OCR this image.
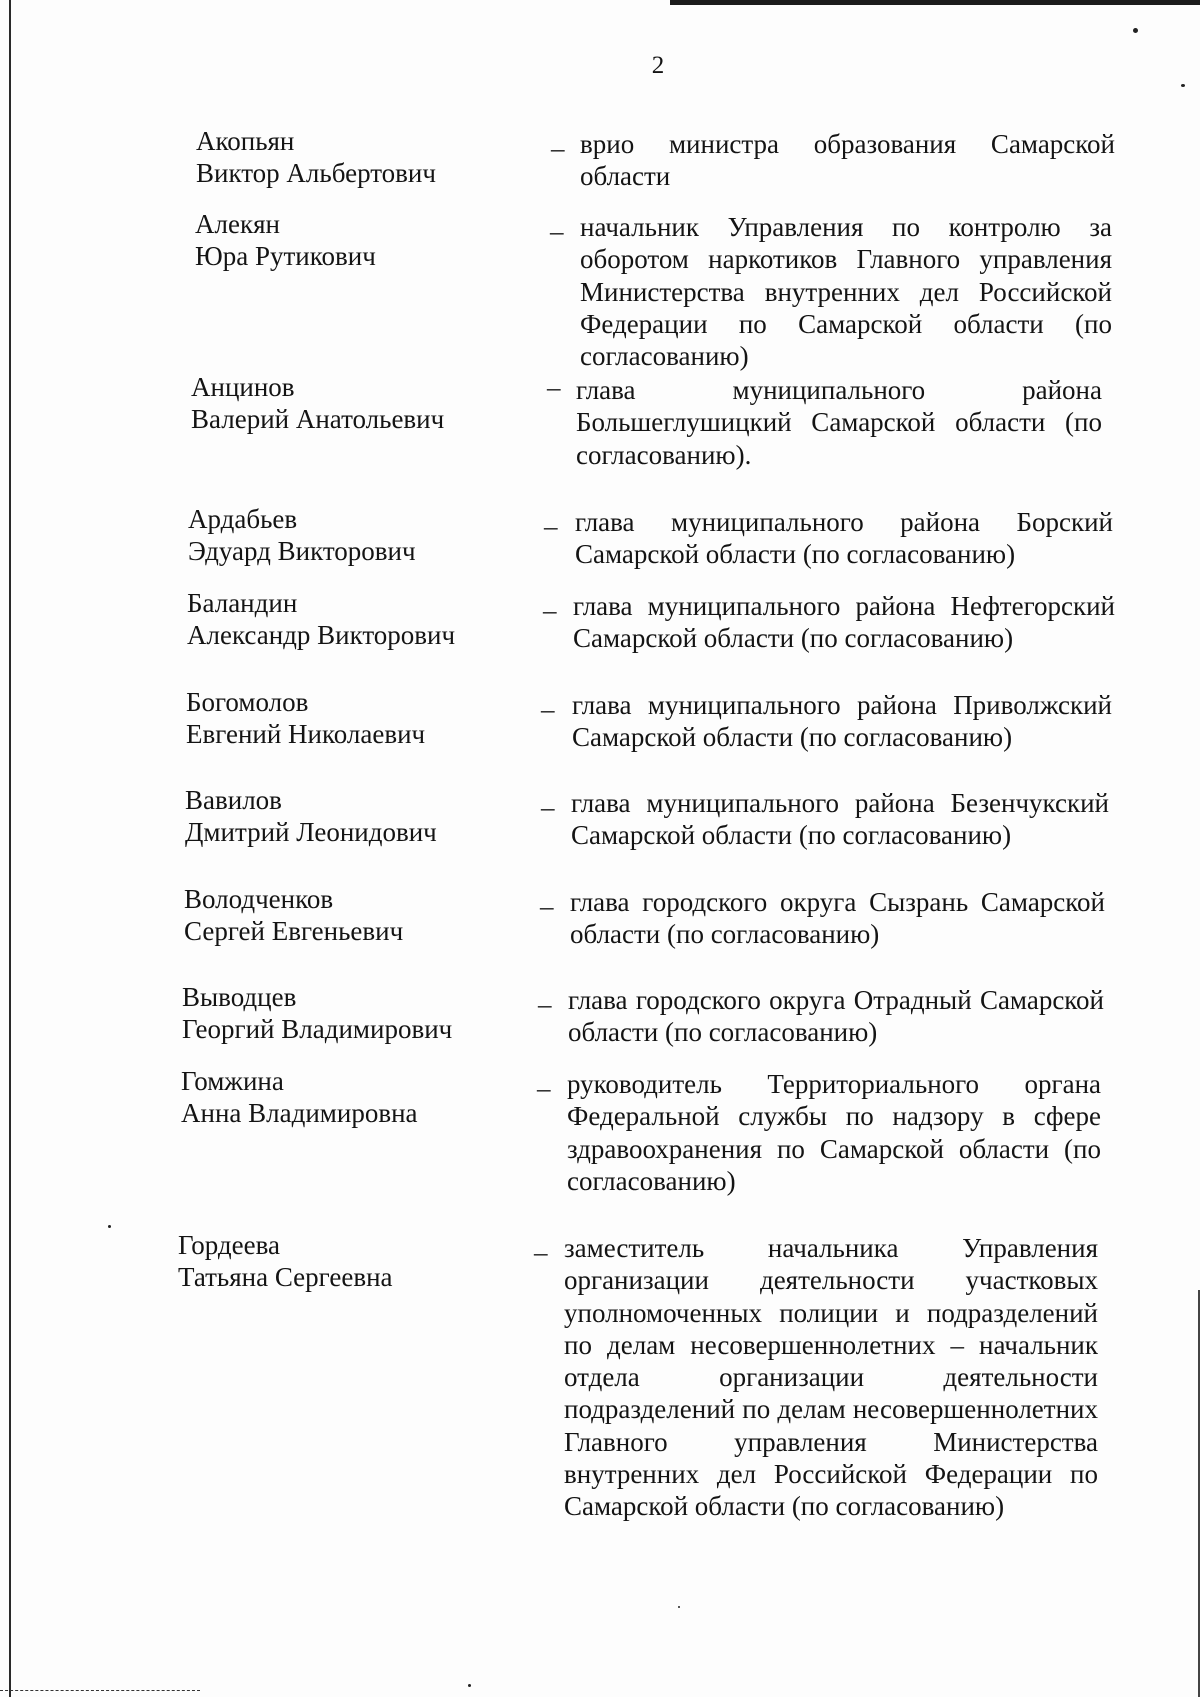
2
Акопьян
Виктор Альбертович
– врио министра образования Самарской области
Алекян
Юра Рутикович
– начальник Управления по контролю за оборотом наркотиков Главного управления Министерства внутренних дел Российской Федерации по Самарской области (по согласованию)
Анцинов
Валерий Анатольевич
– глава муниципального района Большеглушицкий Самарской области (по согласованию).
Ардабьев
Эдуард Викторович
– глава муниципального района Борский Самарской области (по согласованию)
Баландин
Александр Викторович
– глава муниципального района Нефтегорский Самарской области (по согласованию)
Богомолов
Евгений Николаевич
– глава муниципального района Приволжский Самарской области (по согласованию)
Вавилов
Дмитрий Леонидович
– глава муниципального района Безенчукский Самарской области (по согласованию)
Володченков
Сергей Евгеньевич
– глава городского округа Сызрань Самарской области (по согласованию)
Выводцев
Георгий Владимирович
– глава городского округа Отрадный Самарской области (по согласованию)
Гомжина
Анна Владимировна
– руководитель Территориального органа Федеральной службы по надзору в сфере здравоохранения по Самарской области (по согласованию)
Гордеева
Татьяна Сергеевна
– заместитель начальника Управления организации деятельности участковых уполномоченных полиции и подразделений по делам несовершеннолетних – начальник отдела организации деятельности подразделений по делам несовершеннолетних Главного управления Министерства внутренних дел Российской Федерации по Самарской области (по согласованию)
